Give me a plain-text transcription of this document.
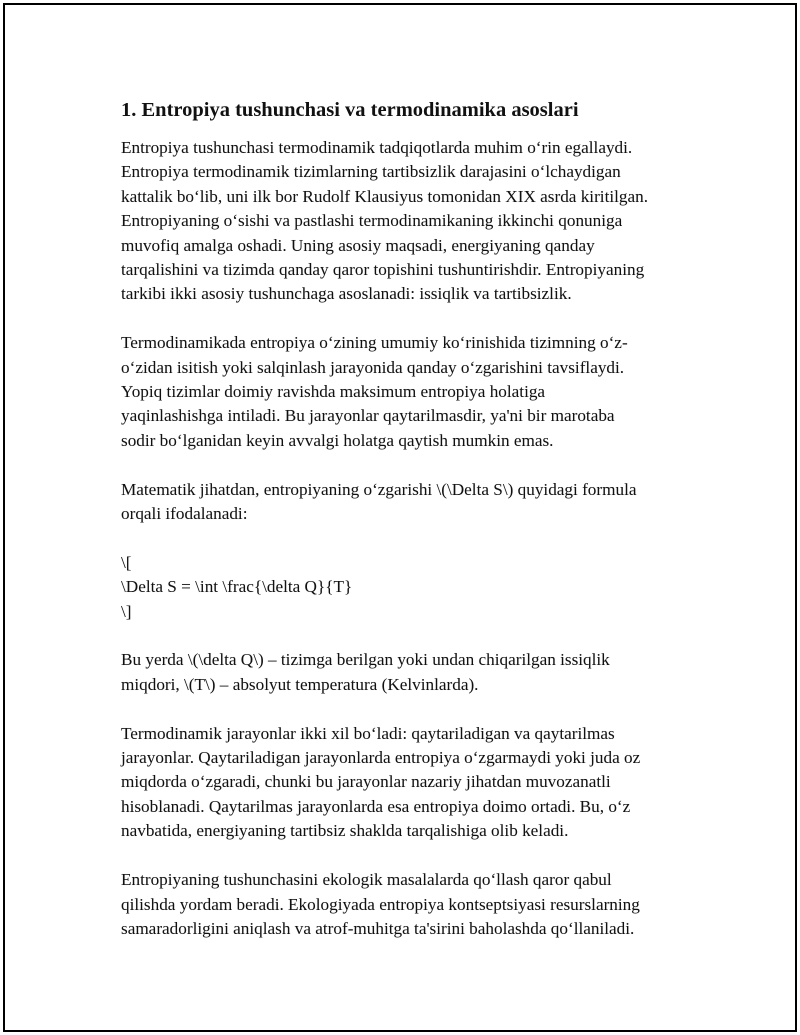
1. Entropiya tushunchasi va termodinamika asoslari

Entropiya tushunchasi termodinamik tadqiqotlarda muhim o‘rin egallaydi.
Entropiya termodinamik tizimlarning tartibsizlik darajasini o‘lchaydigan
kattalik bo‘lib, uni ilk bor Rudolf Klausiyus tomonidan XIX asrda kiritilgan.
Entropiyaning o‘sishi va pastlashi termodinamikaning ikkinchi qonuniga
muvofiq amalga oshadi. Uning asosiy maqsadi, energiyaning qanday
tarqalishini va tizimda qanday qaror topishini tushuntirishdir. Entropiyaning
tarkibi ikki asosiy tushunchaga asoslanadi: issiqlik va tartibsizlik.

Termodinamikada entropiya o‘zining umumiy ko‘rinishida tizimning o‘z-
o‘zidan isitish yoki salqinlash jarayonida qanday o‘zgarishini tavsiflaydi.
Yopiq tizimlar doimiy ravishda maksimum entropiya holatiga
yaqinlashishga intiladi. Bu jarayonlar qaytarilmasdir, ya'ni bir marotaba
sodir bo‘lganidan keyin avvalgi holatga qaytish mumkin emas.

Matematik jihatdan, entropiyaning o‘zgarishi \(\Delta S\) quyidagi formula
orqali ifodalanadi:

\[
\Delta S = \int \frac{\delta Q}{T}
\]

Bu yerda \(\delta Q\) – tizimga berilgan yoki undan chiqarilgan issiqlik
miqdori, \(T\) – absolyut temperatura (Kelvinlarda).

Termodinamik jarayonlar ikki xil bo‘ladi: qaytariladigan va qaytarilmas
jarayonlar. Qaytariladigan jarayonlarda entropiya o‘zgarmaydi yoki juda oz
miqdorda o‘zgaradi, chunki bu jarayonlar nazariy jihatdan muvozanatli
hisoblanadi. Qaytarilmas jarayonlarda esa entropiya doimo ortadi. Bu, o‘z
navbatida, energiyaning tartibsiz shaklda tarqalishiga olib keladi.

Entropiyaning tushunchasini ekologik masalalarda qo‘llash qaror qabul
qilishda yordam beradi. Ekologiyada entropiya kontseptsiyasi resurslarning
samaradorligini aniqlash va atrof-muhitga ta'sirini baholashda qo‘llaniladi.
